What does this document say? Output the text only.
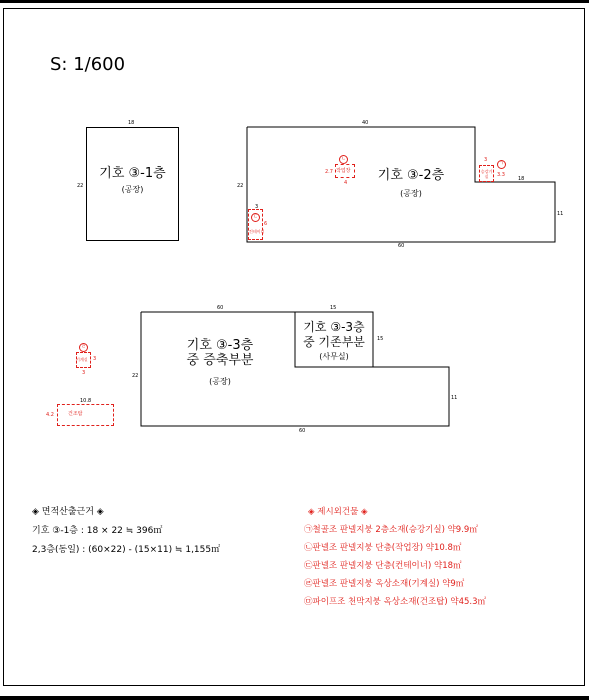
S: 1/600
18
22
기호 ③-1층
(공장)
40
22
18
11
60
기호 ③-2층
(공장)
ㄱ
3
승강기실	3.3
ㄴ
작업장
2.7
4
3
ㄷ
컨테이너
6
60	15
15
22
11
60
기호 ③-3층
중 증축부분
(공장)
기호 ③-3층
중 기존부분
(사무실)
ㄹ
기계실 3
3
10.8
4.2	건조탑
◈ 면적산출근거 ◈
기호 ③-1층 : 18 × 22 ≒ 396㎡
2,3층(동일) : (60×22) - (15×11) ≒ 1,155㎡
◈ 제시외건물 ◈
㉠철골조 판넬지붕 2층소재(승강기실) 약9.9㎡
㉡판넬조 판넬지붕 단층(작업장) 약10.8㎡
㉢판넬조 판넬지붕 단층(컨테이너) 약18㎡
㉣판넬조 판넬지붕 옥상소재(기계실) 약9㎡
㉤파이프조 천막지붕 옥상소재(건조탑) 약45.3㎡
